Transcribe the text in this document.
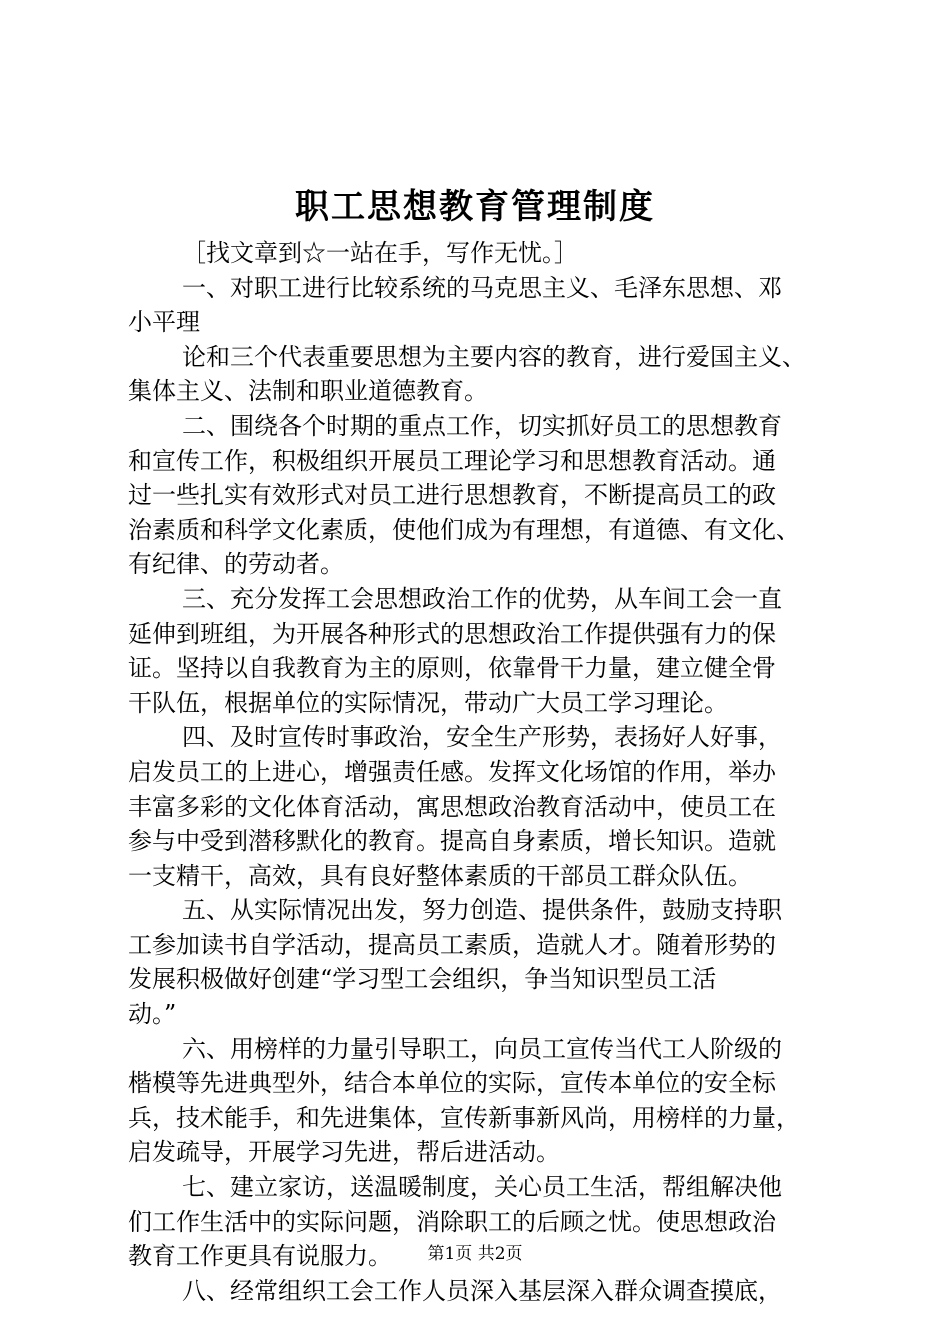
职工思想教育管理制度
［找文章到☆一站在手，写作无忧。］
一、对职工进行比较系统的马克思主义、毛泽东思想、邓
小平理
论和三个代表重要思想为主要内容的教育，进行爱国主义、
集体主义、法制和职业道德教育。
二、围绕各个时期的重点工作，切实抓好员工的思想教育
和宣传工作，积极组织开展员工理论学习和思想教育活动。通
过一些扎实有效形式对员工进行思想教育，不断提高员工的政
治素质和科学文化素质，使他们成为有理想，有道德、有文化、
有纪律、的劳动者。
三、充分发挥工会思想政治工作的优势，从车间工会一直
延伸到班组，为开展各种形式的思想政治工作提供强有力的保
证。坚持以自我教育为主的原则，依靠骨干力量，建立健全骨
干队伍，根据单位的实际情况，带动广大员工学习理论。
四、及时宣传时事政治，安全生产形势，表扬好人好事，
启发员工的上进心，增强责任感。发挥文化场馆的作用，举办
丰富多彩的文化体育活动，寓思想政治教育活动中，使员工在
参与中受到潜移默化的教育。提高自身素质，增长知识。造就
一支精干，高效，具有良好整体素质的干部员工群众队伍。
五、从实际情况出发，努力创造、提供条件，鼓励支持职
工参加读书自学活动，提高员工素质，造就人才。随着形势的
发展积极做好创建“学习型工会组织，争当知识型员工活
动。”
六、用榜样的力量引导职工，向员工宣传当代工人阶级的
楷模等先进典型外，结合本单位的实际，宣传本单位的安全标
兵，技术能手，和先进集体，宣传新事新风尚，用榜样的力量，
启发疏导，开展学习先进，帮后进活动。
七、建立家访，送温暖制度，关心员工生活，帮组解决他
们工作生活中的实际问题，消除职工的后顾之忧。使思想政治
教育工作更具有说服力。
八、经常组织工会工作人员深入基层深入群众调查摸底，
第1页 共2页
